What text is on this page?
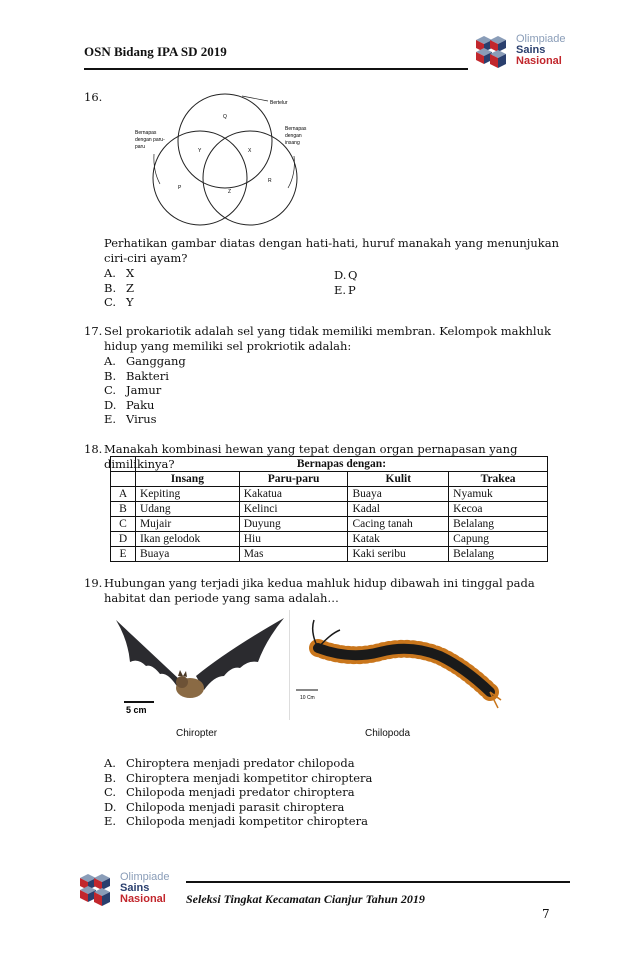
OSN Bidang IPA SD 2019
Olimpiade
Sains
Nasional
16.
Q
Y	X
P
Z
R
Bertelur
Bernapas
dengan paru-
paru
Bernapas
dengan
insang
Perhatikan gambar diatas dengan hati-hati, huruf manakah yang menunjukan ciri-ciri ayam?
A. X
B. Z
C. Y
D. Q
E. P
17. Sel prokariotik adalah sel yang tidak memiliki membran. Kelompok makhluk hidup yang memiliki sel prokriotik adalah:
A. Ganggang
B. Bakteri
C. Jamur
D. Paku
E. Virus
18. Manakah kombinasi hewan yang tepat dengan organ pernapasan yang dimilikinya?
		Bernapas dengan:			
	Insang	Paru-paru	Kulit	Trakea
A	Kepiting	Kakatua	Buaya	Nyamuk
B	Udang	Kelinci	Kadal	Kecoa
C	Mujair	Duyung	Cacing tanah	Belalang
D	Ikan gelodok	Hiu	Katak	Capung
E	Buaya	Mas	Kaki seribu	Belalang
19. Hubungan yang terjadi jika kedua mahluk hidup dibawah ini tinggal pada habitat dan periode yang sama adalah…
5 cm
10 Cm
Chiropter	Chilopoda
A. Chiroptera menjadi predator chilopoda
B. Chiroptera menjadi kompetitor chiroptera
C. Chilopoda menjadi predator chiroptera
D. Chilopoda menjadi parasit chiroptera
E. Chilopoda menjadi kompetitor chiroptera
Olimpiade
Sains
Nasional	Seleksi Tingkat Kecamatan Cianjur Tahun 2019
7
